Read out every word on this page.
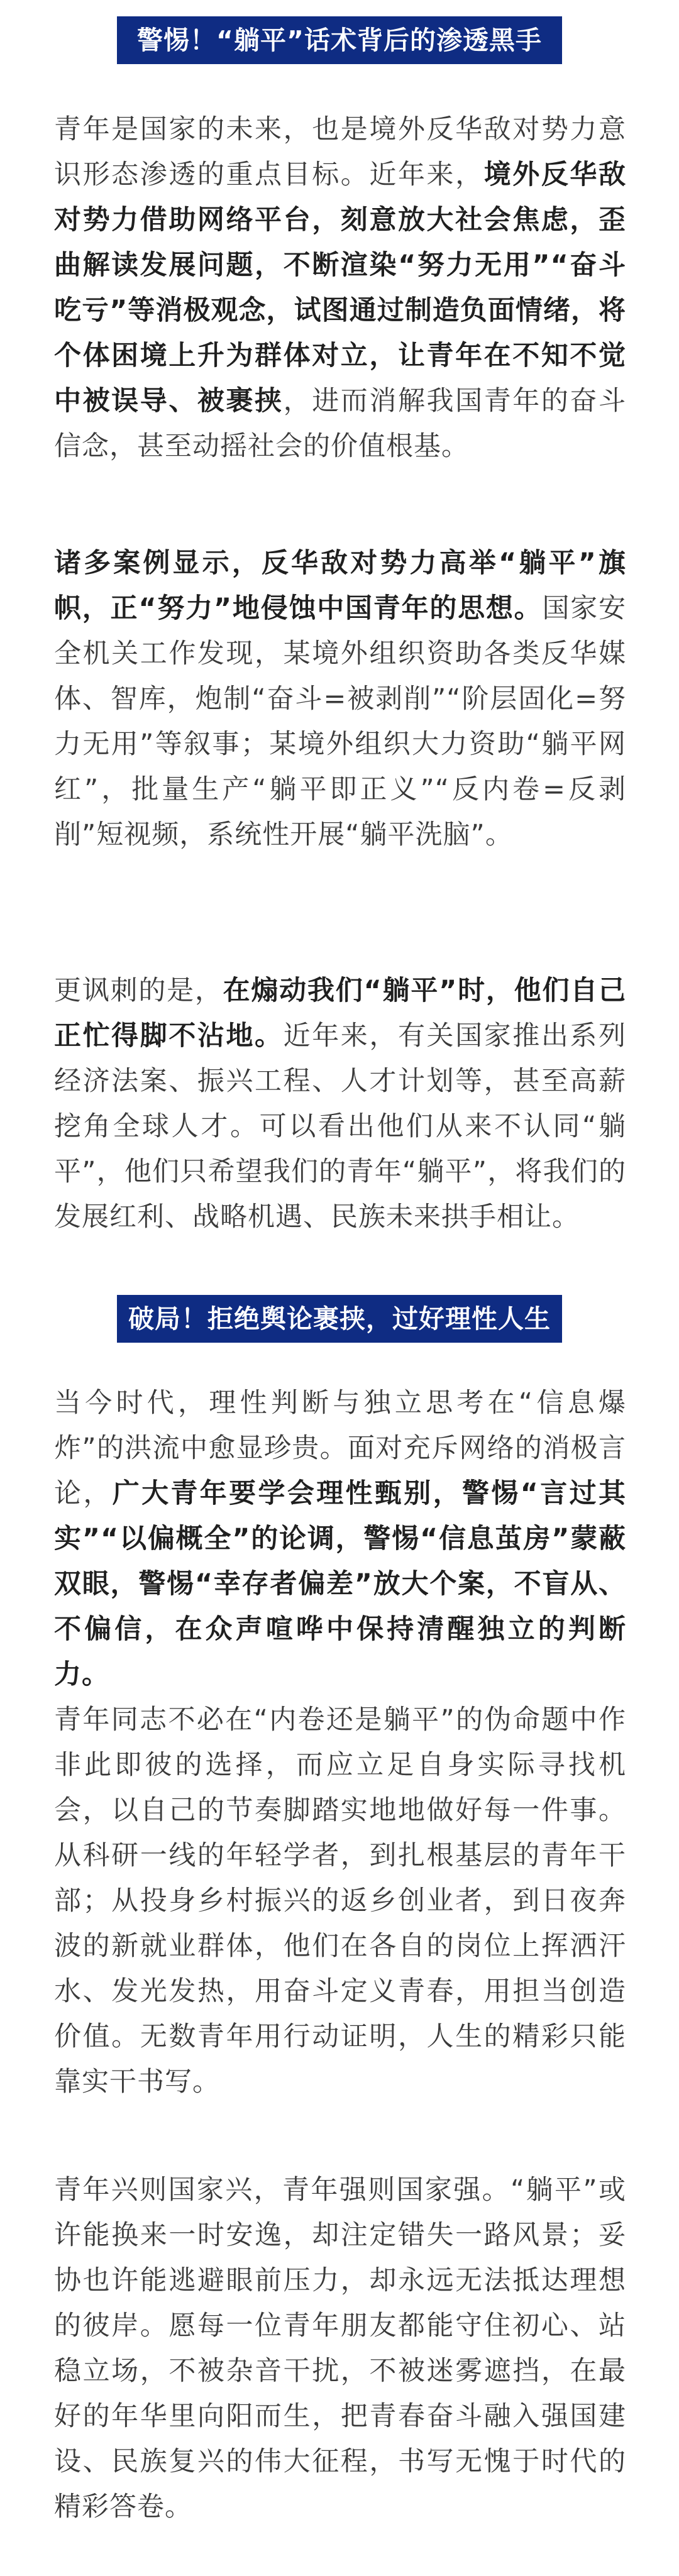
警惕！“躺平”话术背后的渗透黑手
青年是国家的未来，也是境外反华敌对势力意识形态渗透的重点目标。近年来，境外反华敌对势力借助网络平台，刻意放大社会焦虑，歪曲解读发展问题，不断渲染“努力无用”“奋斗吃亏”等消极观念，试图通过制造负面情绪，将个体困境上升为群体对立，让青年在不知不觉中被误导、被裹挟，进而消解我国青年的奋斗信念，甚至动摇社会的价值根基。
诸多案例显示，反华敌对势力高举“躺平”旗帜，正“努力”地侵蚀中国青年的思想。国家安全机关工作发现，某境外组织资助各类反华媒体、智库，炮制“奋斗=被剥削”“阶层固化=努力无用”等叙事；某境外组织大力资助“躺平网红”，批量生产“躺平即正义”“反内卷=反剥削”短视频，系统性开展“躺平洗脑”。
更讽刺的是，在煽动我们“躺平”时，他们自己正忙得脚不沾地。近年来，有关国家推出系列经济法案、振兴工程、人才计划等，甚至高薪挖角全球人才。可以看出他们从来不认同“躺平”，他们只希望我们的青年“躺平”，将我们的发展红利、战略机遇、民族未来拱手相让。
破局！拒绝舆论裹挟，过好理性人生
当今时代，理性判断与独立思考在“信息爆炸”的洪流中愈显珍贵。面对充斥网络的消极言论，广大青年要学会理性甄别，警惕“言过其实”“以偏概全”的论调，警惕“信息茧房”蒙蔽双眼，警惕“幸存者偏差”放大个案，不盲从、不偏信，在众声喧哗中保持清醒独立的判断力。
青年同志不必在“内卷还是躺平”的伪命题中作非此即彼的选择，而应立足自身实际寻找机会，以自己的节奏脚踏实地地做好每一件事。从科研一线的年轻学者，到扎根基层的青年干部；从投身乡村振兴的返乡创业者，到日夜奔波的新就业群体，他们在各自的岗位上挥洒汗水、发光发热，用奋斗定义青春，用担当创造价值。无数青年用行动证明，人生的精彩只能靠实干书写。
青年兴则国家兴，青年强则国家强。“躺平”或许能换来一时安逸，却注定错失一路风景；妥协也许能逃避眼前压力，却永远无法抵达理想的彼岸。愿每一位青年朋友都能守住初心、站稳立场，不被杂音干扰，不被迷雾遮挡，在最好的年华里向阳而生，把青春奋斗融入强国建设、民族复兴的伟大征程，书写无愧于时代的精彩答卷。
